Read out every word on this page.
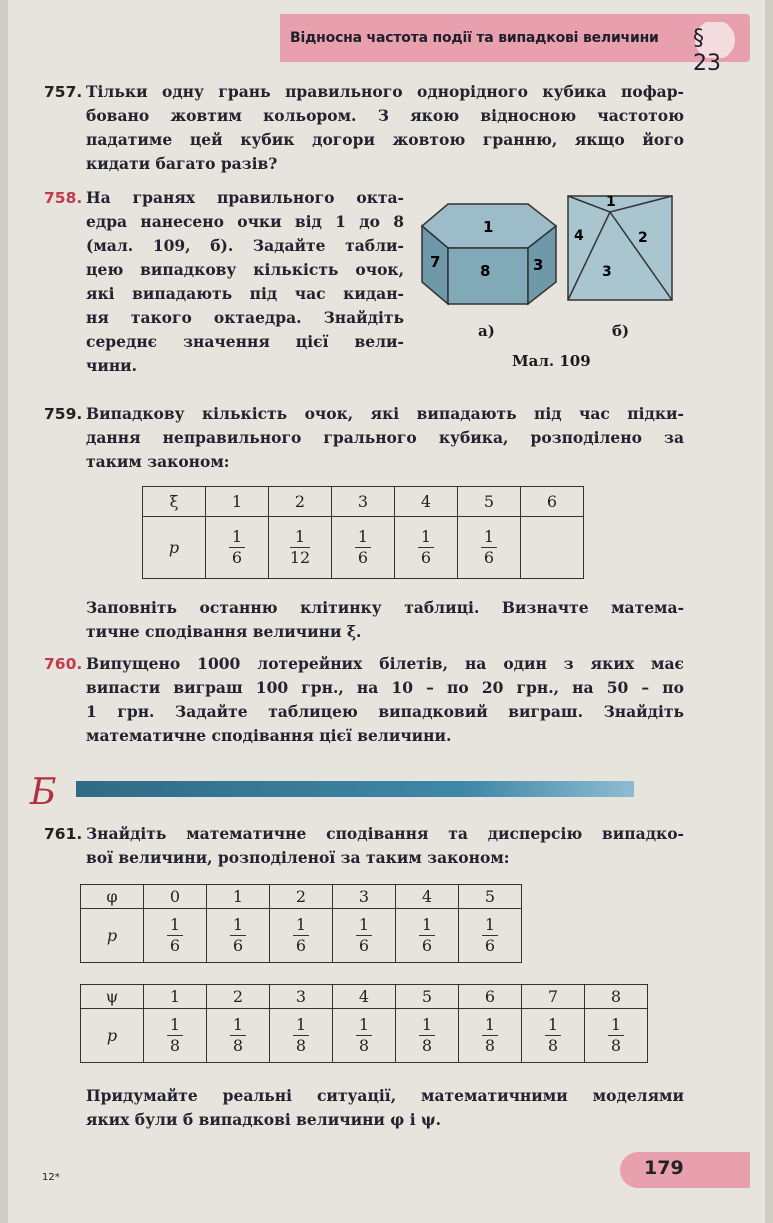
Відносна частота події та випадкові величини § 23
757. Тільки одну грань правильного однорідного кубика пофар-
бовано жовтим кольором. З якою відносною частотою
падатиме цей кубик догори жовтою гранню, якщо його
кидати багато разів?
758. На гранях правильного окта-
едра нанесено очки від 1 до 8
(мал. 109, б). Задайте табли-
цею випадкову кількість очок,
які випадають під час кидан-
ня такого октаедра. Знайдіть
середнє значення цієї вели-
чини.
1
7	8	3
1
4	2
3
а)	б)
Мал. 109
759. Випадкову кількість очок, які випадають під час підки-
дання неправильного грального кубика, розподілено за
таким законом:
ξ	1	2	3	4	5	6
p	$\frac{1}{6}$	$\frac{1}{12}$	$\frac{1}{6}$	$\frac{1}{6}$	$\frac{1}{6}$

Заповніть останню клітинку таблиці. Визначте матема-
тичне сподівання величини ξ.
760. Випущено 1000 лотерейних білетів, на один з яких має
випасти виграш 100 грн., на 10 – по 20 грн., на 50 – по
1 грн. Задайте таблицею випадковий виграш. Знайдіть
математичне сподівання цієї величини.
Б
761. Знайдіть математичне сподівання та дисперсію випадко-
вої величини, розподіленої за таким законом:
φ	0	1	2	3	4	5
p	$\frac{1}{6}$	$\frac{1}{6}$	$\frac{1}{6}$	$\frac{1}{6}$	$\frac{1}{6}$	$\frac{1}{6}$
ψ	1	2	3	4	5	6	7	8
p	$\frac{1}{8}$	$\frac{1}{8}$	$\frac{1}{8}$	$\frac{1}{8}$	$\frac{1}{8}$	$\frac{1}{8}$	$\frac{1}{8}$	$\frac{1}{8}$
Придумайте реальні ситуації, математичними моделями
яких були б випадкові величини φ і ψ.
12*	179
